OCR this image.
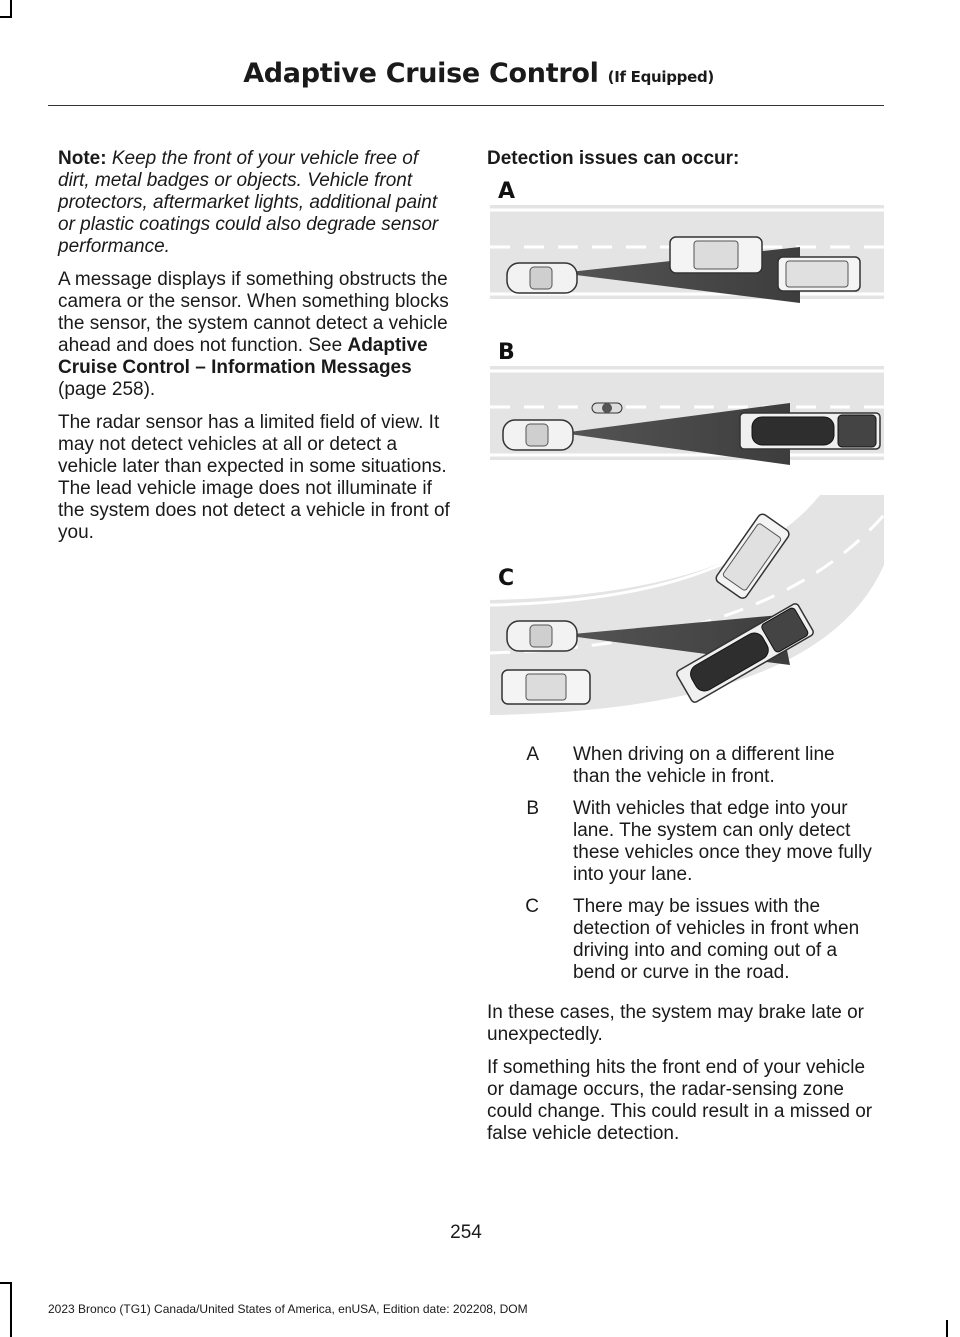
Adaptive Cruise Control (If Equipped)

Note: Keep the front of your vehicle free of dirt, metal badges or objects. Vehicle front protectors, aftermarket lights, additional paint or plastic coatings could also degrade sensor performance.

A message displays if something obstructs the camera or the sensor. When something blocks the sensor, the system cannot detect a vehicle ahead and does not function. See Adaptive Cruise Control – Information Messages (page 258).

The radar sensor has a limited field of view. It may not detect vehicles at all or detect a vehicle later than expected in some situations. The lead vehicle image does not illuminate if the system does not detect a vehicle in front of you.

Detection issues can occur:

A
B
C
A	When driving on a different line than the vehicle in front.
B	With vehicles that edge into your lane. The system can only detect these vehicles once they move fully into your lane.
C	There may be issues with the detection of vehicles in front when driving into and coming out of a bend or curve in the road.

In these cases, the system may brake late or unexpectedly.

If something hits the front end of your vehicle or damage occurs, the radar-sensing zone could change. This could result in a missed or false vehicle detection.

254
2023 Bronco (TG1) Canada/United States of America, enUSA, Edition date: 202208, DOM
